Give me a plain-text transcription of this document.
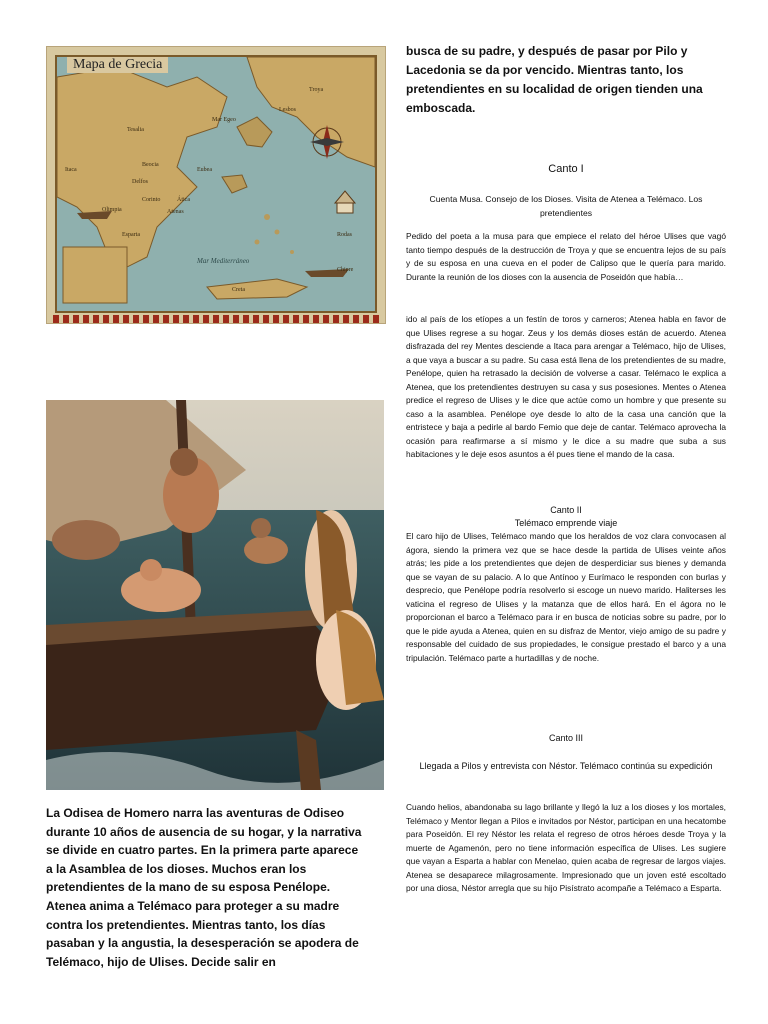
Mapa de Grecia
Mar Mediterráneo
Mar Egeo
Tesalia
Beocia
Ática
Eubea
Lesbos
Chipre
Itaca
Creta
Esparta
Olimpia	Atenas
Corinto
Delfos
Troya
Rodas
busca de su padre, y después de pasar por Pilo y Lacedonia se da por vencido. Mientras tanto, los pretendientes en su localidad de origen tienden una emboscada.
Canto I
Cuenta Musa. Consejo de los Dioses. Visita de Atenea a Telémaco. Los pretendientes
Pedido del poeta a la musa para que empiece el relato del héroe Ulises que vagó tanto tiempo después de la destrucción de Troya y que se encuentra lejos de su país y de su esposa en una cueva en el poder de Calipso que le quería para marido. Durante la reunión de los dioses con la ausencia de Poseidón que había…
ido al país de los etíopes a un festín de toros y carneros; Atenea habla en favor de que Ulises regrese a su hogar. Zeus y los demás dioses están de acuerdo. Atenea disfrazada del rey Mentes desciende a Itaca para arengar a Telémaco, hijo de Ulises, a que vaya a buscar a su padre. Su casa está llena de los pretendientes de su madre, Penélope, quien ha retrasado la decisión de volverse a casar. Telémaco le explica a Atenea, que los pretendientes destruyen su casa y sus posesiones. Mentes o Atenea predice el regreso de Ulises y le dice que actúe como un hombre y que presente su caso a la asamblea. Penélope oye desde lo alto de la casa una canción que la entristece y baja a pedirle al bardo Femio que deje de cantar. Telémaco aprovecha la ocasión para reafirmarse a sí mismo y le dice a su madre que suba a sus habitaciones y le deje esos asuntos a él pues tiene el mando de la casa.
Canto II
Telémaco emprende viaje
El caro hijo de Ulises, Telémaco mando que los heraldos de voz clara convocasen al ágora, siendo la primera vez que se hace desde la partida de Ulises veinte años atrás; les pide a los pretendientes que dejen de desperdiciar sus bienes y demanda que se vayan de su palacio. A lo que Antínoo y Eurímaco le responden con burlas y desprecio, que Penélope podría resolverlo si escoge un nuevo marido. Haliterses les vaticina el regreso de Ulises y la matanza que de ellos hará. En el ágora no le proporcionan el barco a Telémaco para ir en busca de noticias sobre su padre, por lo que le pide ayuda a Atenea, quien en su disfraz de Mentor, viejo amigo de su padre y responsable del cuidado de sus propiedades, le consigue prestado el barco y a una tripulación. Telémaco parte a hurtadillas y de noche.
Canto III
Llegada a Pilos y entrevista con Néstor. Telémaco continúa su expedición
Cuando helios, abandonaba su lago brillante y llegó la luz a los dioses y los mortales, Telémaco y Mentor llegan a Pilos e invitados por Néstor, participan en una hecatombe para Poseidón. El rey Néstor les relata el regreso de otros héroes desde Troya y la muerte de Agamenón, pero no tiene información específica de Ulises. Les sugiere que vayan a Esparta a hablar con Menelao, quien acaba de regresar de largos viajes. Atenea se desaparece milagrosamente. Impresionado que un joven esté escoltado por una diosa, Néstor arregla que su hijo Pisístrato acompañe a Telémaco a Esparta.
La Odisea de Homero narra las aventuras de Odiseo durante 10 años de ausencia de su hogar, y la narrativa se divide en cuatro partes. En la primera parte aparece a la Asamblea de los dioses. Muchos eran los pretendientes de la mano de su esposa Penélope. Atenea anima a Telémaco para proteger a su madre contra los pretendientes. Mientras tanto, los días pasaban y la angustia, la desesperación se apodera de Telémaco, hijo de Ulises. Decide salir en
